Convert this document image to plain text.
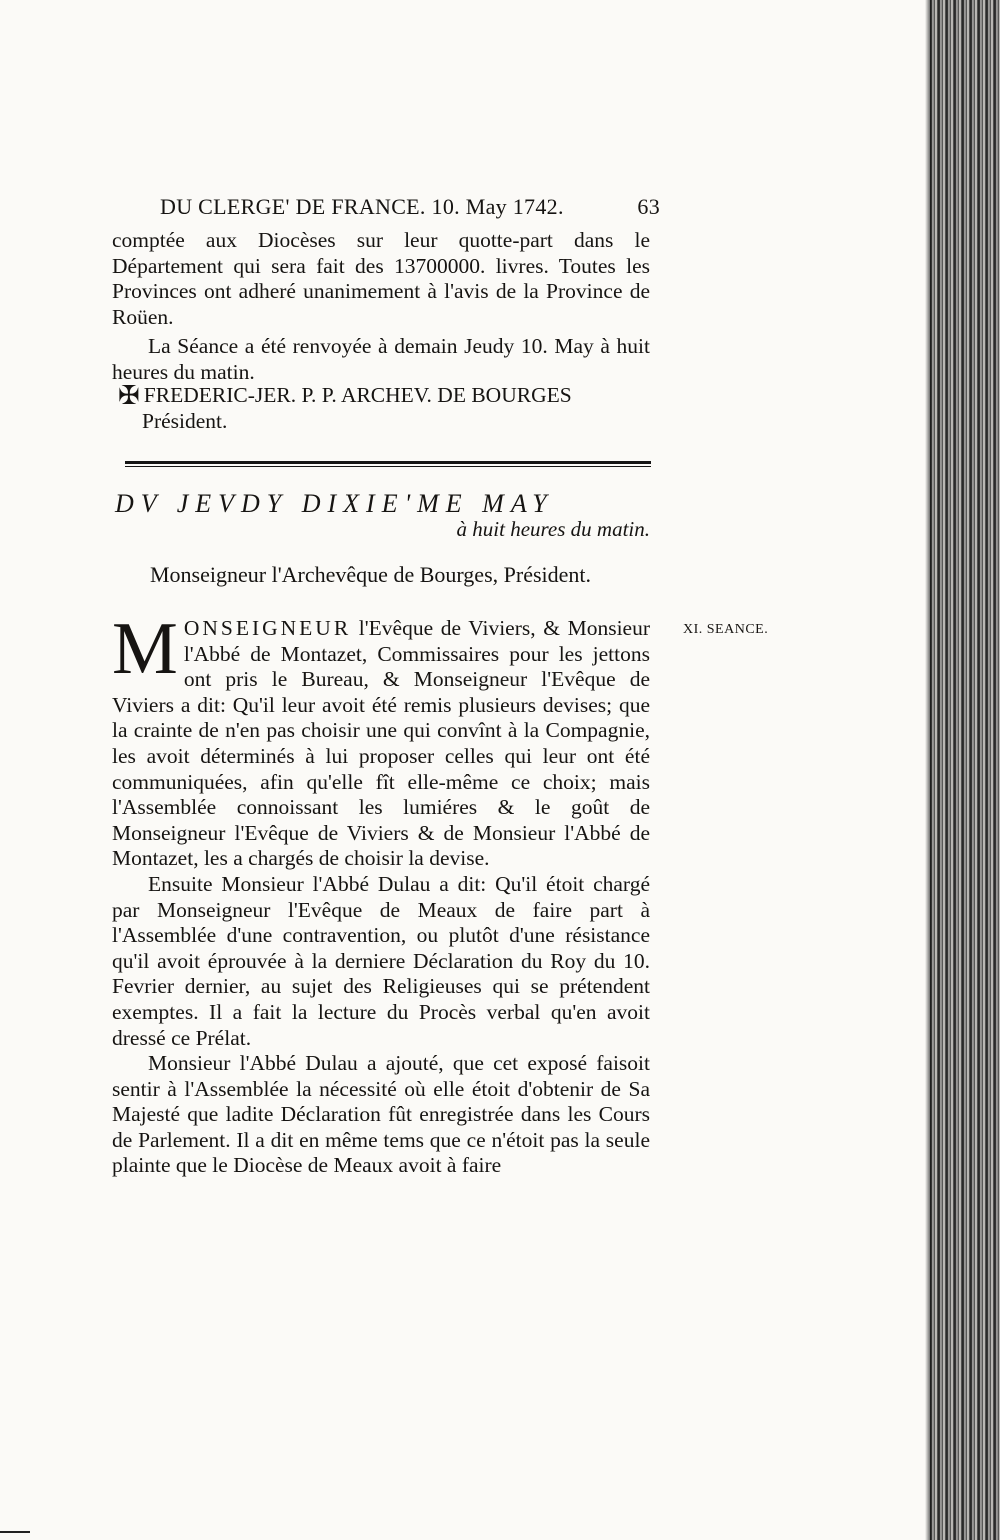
DU CLERGE' DE FRANCE. 10. May 1742.	63

comptée aux Diocèses sur leur quotte-part dans le Département qui sera fait des 13700000. livres. Toutes les Provinces ont adheré unanimement à l'avis de la Province de Roüen.

La Séance a été renvoyée à demain Jeudy 10. May à huit heures du matin.

✠ FREDERIC-JER. P. P. ARCHEV. DE BOURGES
Président.
DV JEVDY DIXIE'ME MAY
à huit heures du matin.
Monseigneur l'Archevêque de Bourges, Président.
XI. SEANCE.

M ONSEIGNEUR l'Evêque de Viviers, & Monsieur l'Abbé de Montazet, Commissaires pour les jettons ont pris le Bureau, & Monseigneur l'Evêque de Viviers a dit: Qu'il leur avoit été remis plusieurs devises; que la crainte de n'en pas choisir une qui convînt à la Compagnie, les avoit déterminés à lui proposer celles qui leur ont été communiquées, afin qu'elle fît elle-même ce choix; mais l'Assemblée connoissant les lumiéres & le goût de Monseigneur l'Evêque de Viviers & de Monsieur l'Abbé de Montazet, les a chargés de choisir la devise.

Ensuite Monsieur l'Abbé Dulau a dit: Qu'il étoit chargé par Monseigneur l'Evêque de Meaux de faire part à l'Assemblée d'une contravention, ou plutôt d'une résistance qu'il avoit éprouvée à la derniere Déclaration du Roy du 10. Fevrier dernier, au sujet des Religieuses qui se prétendent exemptes. Il a fait la lecture du Procès verbal qu'en avoit dressé ce Prélat.

Monsieur l'Abbé Dulau a ajouté, que cet exposé faisoit sentir à l'Assemblée la nécessité où elle étoit d'obtenir de Sa Majesté que ladite Déclaration fût enregistrée dans les Cours de Parlement. Il a dit en même tems que ce n'étoit pas la seule plainte que le Diocèse de Meaux avoit à faire
